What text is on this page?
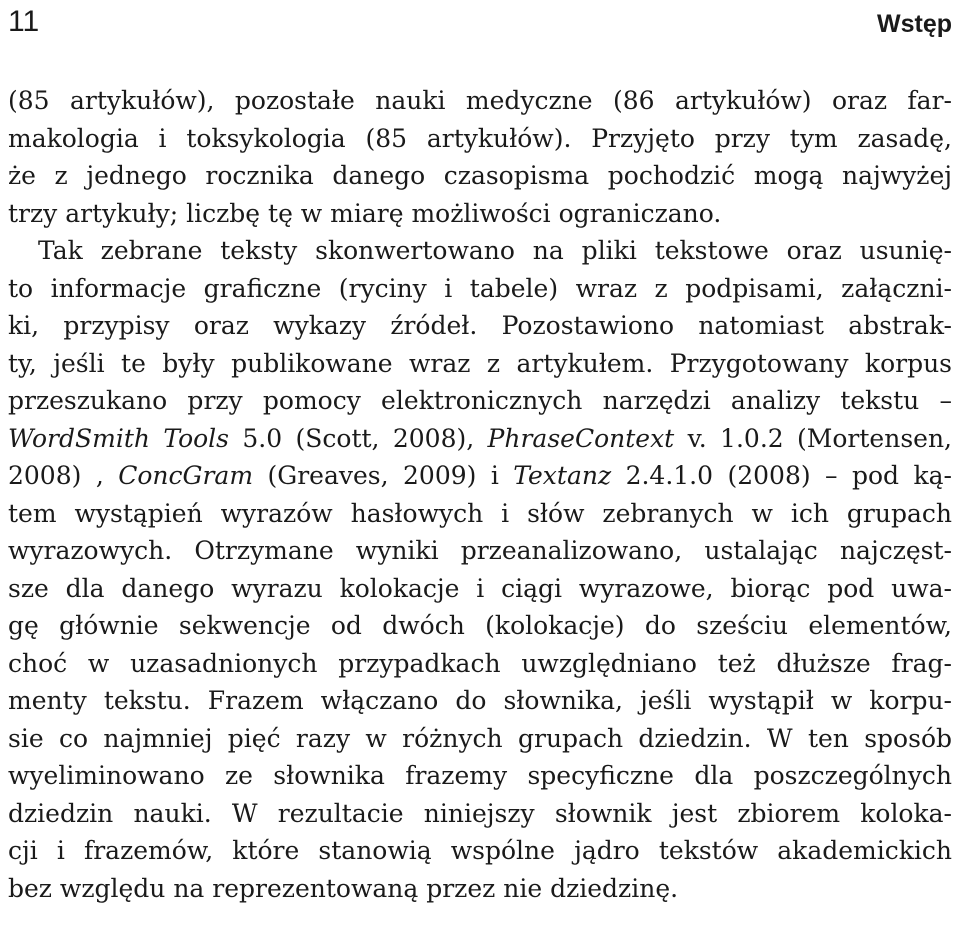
11	Wstęp
(85 artykułów), pozostałe nauki medyczne (86 artykułów) oraz far-
makologia i toksykologia (85 artykułów). Przyjęto przy tym zasadę,
że z jednego rocznika danego czasopisma pochodzić mogą najwyżej
trzy artykuły; liczbę tę w miarę możliwości ograniczano.
Tak zebrane teksty skonwertowano na pliki tekstowe oraz usunię-
to informacje graficzne (ryciny i tabele) wraz z podpisami, załączni-
ki, przypisy oraz wykazy źródeł. Pozostawiono natomiast abstrak-
ty, jeśli te były publikowane wraz z artykułem. Przygotowany korpus
przeszukano przy pomocy elektronicznych narzędzi analizy tekstu –
WordSmith Tools 5.0 (Scott, 2008), PhraseContext v. 1.0.2 (Mortensen,
2008) , ConcGram (Greaves, 2009) i Textanz 2.4.1.0 (2008) – pod ką-
tem wystąpień wyrazów hasłowych i słów zebranych w ich grupach
wyrazowych. Otrzymane wyniki przeanalizowano, ustalając najczęst-
sze dla danego wyrazu kolokacje i ciągi wyrazowe, biorąc pod uwa-
gę głównie sekwencje od dwóch (kolokacje) do sześciu elementów,
choć w uzasadnionych przypadkach uwzględniano też dłuższe frag-
menty tekstu. Frazem włączano do słownika, jeśli wystąpił w korpu-
sie co najmniej pięć razy w różnych grupach dziedzin. W ten sposób
wyeliminowano ze słownika frazemy specyficzne dla poszczególnych
dziedzin nauki. W rezultacie niniejszy słownik jest zbiorem koloka-
cji i frazemów, które stanowią wspólne jądro tekstów akademickich
bez względu na reprezentowaną przez nie dziedzinę.
